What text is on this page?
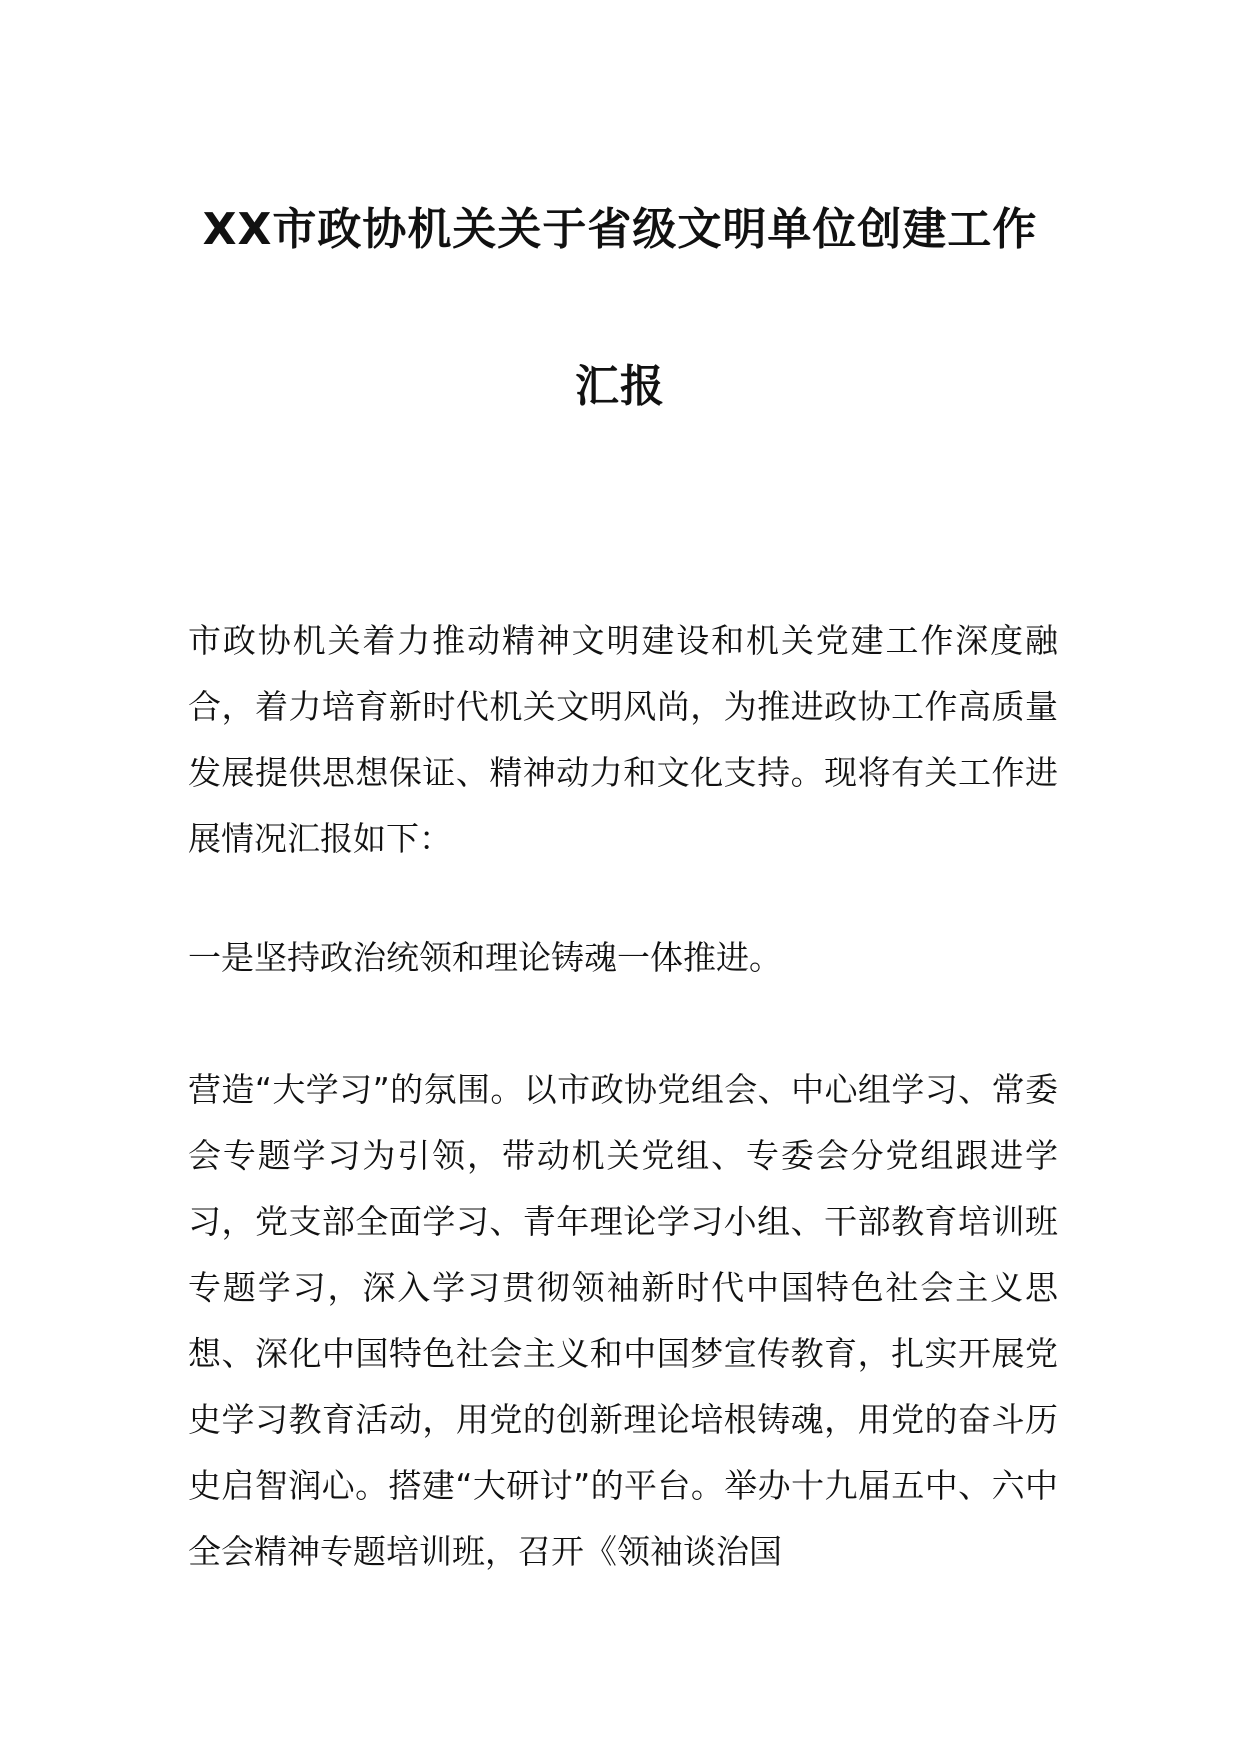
XX市政协机关关于省级文明单位创建工作
汇报

市政协机关着力推动精神文明建设和机关党建工作深度融合，着力培育新时代机关文明风尚，为推进政协工作高质量发展提供思想保证、精神动力和文化支持。现将有关工作进展情况汇报如下：

一是坚持政治统领和理论铸魂一体推进。

营造“大学习”的氛围。以市政协党组会、中心组学习、常委会专题学习为引领，带动机关党组、专委会分党组跟进学习，党支部全面学习、青年理论学习小组、干部教育培训班专题学习，深入学习贯彻领袖新时代中国特色社会主义思想、深化中国特色社会主义和中国梦宣传教育，扎实开展党史学习教育活动，用党的创新理论培根铸魂，用党的奋斗历史启智润心。搭建“大研讨”的平台。举办十九届五中、六中全会精神专题培训班，召开《领袖谈治国
